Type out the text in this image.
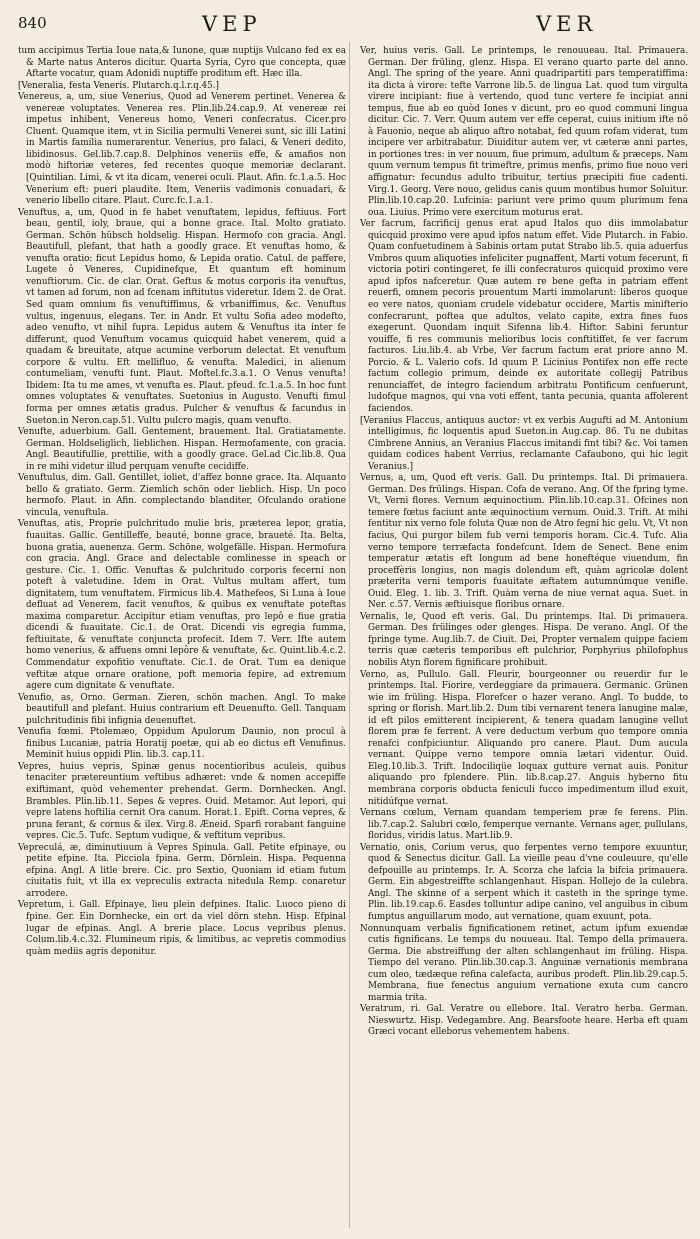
840	VEP	VER

tum accipimus Tertia Ioue nata,& Iunone, quæ nuptijs Vulcano fed ex ea & Marte natus Anteros dicitur. Quarta Syria, Cyro que concepta, quæ Aftarte vocatur, quam Adonidi nuptiffe proditum eft. Hæc illa.

[Veneralia, festa Veneris. Plutarch.q.l.r.q.45.]

Venereus, a, um, siue Venerius, Quod ad Venerem pertinet. Venerea & venereæ voluptates. Venerea res. Plin.lib.24.cap.9. At venereæ rei impetus inhibent, Venereus homo, Veneri confecratus. Cicer.pro Cluent. Quamque item, vt in Sicilia permulti Venerei sunt, sic illi Latini in Martis familia numerarentur. Venerius, pro falaci, & Veneri dedito, libidinosus. Gel.lib.7.cap.8. Delphinos veneriis effe, & amafios non modò hiftoriæ veteres, fed recentes quoque memoriæ declarant. [Quintilian. Limi, & vt ita dicam, venerei oculi. Plaut. Afin. fc.1.a.5. Hoc Venerium eft: pueri plaudite. Item, Veneriis vadimonis conuadari, & venerio libello citare. Plaut. Curc.fc.1.a.1.

Venuftus, a, um, Quod in fe habet venuftatem, lepidus, feftiuus. Fort beau, gentil, ioly, braue, qui a bonne grace. Ital. Molto gratiato. German. Schön hübsch holdselig. Hispan. Hermofo con gracia. Angl. Beautifull, plefant, that hath a goodly grace. Et venuftas homo, & venufta oratio: ficut Lepidus homo, & Lepida oratio. Catul. de paffere, Lugete ô Veneres, Cupidinefque, Et quantum eft hominum venuftiorum. Cic. de clar. Orat. Geftus & motus corporis ita venuftus, vt tamen ad forum, non ad fcenam inftitutus videretur. Idem 2. de Orat. Sed quam omnium fis venuftiffimus, & vrbaniffimus, &c. Venuftus vultus, ingenuus, elegans. Ter. in Andr. Et vultu Sofia adeo modefto, adeo venufto, vt nihil fupra. Lepidus autem & Venuftus ita inter fe differunt, quod Venuftum vocamus quicquid habet venerem, quid a quadam & breuitate, atque acumine verborum delectat. Et venuftum corpore & vultu. Eft mellifluo, & venufta. Maledici, in alienum contumeliam, venufti funt. Plaut. Moftel.fc.3.a.1. O Venus venufta! Ibidem: Ita tu me ames, vt venufta es. Plaut. pfeud. fc.1.a.5. In hoc funt omnes voluptates & venuftates. Suetonius in Augusto. Venufti fimul forma per omnes ætatis gradus. Pulcher & venuftus & facundus in Sueton.in Neron.cap.51. Vultu pulcro magis, quam venufto.

Venufte, aduerbium. Gall. Gentement, brauement. Ital. Gratiatamente. German. Holdseliglich, lieblichen. Hispan. Hermofamente, con gracia. Angl. Beautifullie, prettilie, with a goodly grace. Gel.ad Cic.lib.8. Qua in re mihi videtur illud perquam venufte cecidiffe.

Venuftulus, dim. Gall. Gentillet, ioliet, d'affez bonne grace. Ita. Alquanto bello & gratiato. Germ. Ziemlich schön oder lieblich. Hisp. Un poco hermofo. Plaut. in Afin. complectando blanditer, Ofculando oratione vincula, venuftula.

Venuftas, atis, Proprie pulchritudo mulie bris, præterea lepor, gratia, fuauitas. Gallic. Gentilleffe, beauté, bonne grace, braueté. Ita. Belta, buona gratia, auenenza. Germ. Schöne, wolgefälle. Hispan. Hermofura con gracia. Angl. Grace and delectable comlinesse in speach or gesture. Cic. 1. Offic. Venuftas & pulchritudo corporis fecerni non poteft à valetudine. Idem in Orat. Vultus multam affert, tum dignitatem, tum venuftatem. Firmicus lib.4. Mathefeos, Si Luna à Ioue defluat ad Venerem, facit venuftos, & quibus ex venuftate poteftas maxima comparetur. Accipitur etiam venuftas, pro lepô e fiue gratia dicendi & fuauitate. Cic.1. de Orat. Dicendi vis egregia fumma, feftiuitate, & venuftate conjuncta profecit. Idem 7. Verr. Ifte autem homo venerius, & affuens omni lepôre & venuftate, &c. Quint.lib.4.c.2. Commendatur expofitio venuftate. Cic.1. de Orat. Tum ea denique veftitæ atque ornare oratione, poft memoria fepire, ad extremum agere cum dignitate & venuftate.

Venufio, as, Orno. German. Zieren, schön machen. Angl. To make beautifull and plefant. Huius contrarium eft Deuenufto. Gell. Tanquam pulchritudinis fibi infignia deuenuftet.

Venufia fœmi. Ptolemæo, Oppidum Apulorum Daunio, non procul à finibus Lucaniæ, patria Horatij poetæ, qui ab eo dictus eft Venufinus. Meminit huius oppidi Plin. lib.3. cap.11.

Vepres, huius vepris, Spinæ genus nocentioribus aculeis, quibus tenaciter prætereuntium veftibus adhæret: vnde & nomen accepiffe exiftimant, quòd vehementer prehendat. Germ. Dornhecken. Angl. Brambles. Plin.lib.11. Sepes & vepres. Ouid. Metamor. Aut lepori, qui vepre latens hoftilia cernit Ora canum. Horat.1. Epift. Corna vepres, & pruna ferant, & cornus & ilex. Virg.8. Æneid. Sparfi rorabant fanguine vepres. Cic.5. Tufc. Septum vudique, & veftitum vepribus.

Vepreculá, æ, diminutiuum à Vepres Spinula. Gall. Petite efpinaye, ou petite efpine. Ita. Picciola fpina. Germ. Dörnlein. Hispa. Pequenna efpina. Angl. A litle brere. Cic. pro Sextio, Quoniam id etiam futum ciuitatis fuit, vt illa ex vepreculis extracta nitedula Remp. conaretur arrodere.

Vepretum, i. Gall. Efpinaye, lieu plein defpines. Italic. Luoco pieno di fpine. Ger. Ein Dornhecke, ein ort da viel dörn stehn. Hisp. Efpinal lugar de efpinas. Angl. A brerie place. Locus vepribus plenus. Colum.lib.4.c.32. Flumineum ripis, & limitibus, ac vepretis commodius quàm mediis agris deponitur.

Ver, huius veris. Gall. Le printemps, le renouueau. Ital. Primauera. German. Der früling, glenz. Hispa. El verano quarto parte del anno. Angl. The spring of the yeare. Anni quadripartiti pars temperatiffima: ita dicta à virore: tefte Varrone lib.5. de lingua Lat. quod tum virgulta virere incipiant: fiue à vertendo, quod tunc vertere fe incipiat anni tempus, fiue ab eo quòd Iones v dicunt, pro eo quod communi lingua dicitur. Cic. 7. Verr. Quum autem ver effe ceperat, cuius initium ifte nô à Fauonio, neque ab aliquo aftro notabat, fed quum rofam viderat, tum incipere ver arbitrabatur. Diuiditur autem ver, vt cæteræ anni partes, in portiones tres: in ver nouum, fiue primum, adultum & præceps. Nam quum vernum tempus fit trimeftre, primus menfis, primo fiue nouo veri affignatur: fecundus adulto tribuitur, tertius præcipiti fiue cadenti. Virg.1. Georg. Vere nouo, gelidus canis quum montibus humor Soluitur. Plin.lib.10.cap.20. Lufcinia: pariunt vere primo quum plurimum fena oua. Liuius. Primo vere exercitum moturus erat.

Ver facrum, facrificij genus erat apud Italos quo diis immolabatur quicquid proximo vere apud ipfos natum effet. Vide Plutarch. in Fabio. Quam confuetudinem à Sabinis ortam putat Strabo lib.5. quia aduerfus Vmbros quum aliquoties infeliciter pugnaffent, Marti votum fecerunt, fi victoria potiri contingeret, fe illi confecraturos quicquid proximo vere apud ipfos nafceretur. Quæ autem re bene gefta in patriam effent reuerfi, omnem pecoris prouentum Marti immolarunt: liberos quoque eo vere natos, quoniam crudele videbatur occidere, Martis minifterio confecrarunt, poftea que adultos, velato capite, extra fines fuos exegerunt. Quondam inquit Sifenna lib.4. Hiftor. Sabini feruntur vouiffe, fi res communis melioribus locis conftitiffet, fe ver facrum facturos. Liu.lib.4. ab Vrbe, Ver facrum factum erat priore anno M. Porcio. & L. Valerio cofs. Id quum P. Licinius Pontifex non effe recte factum collegio primum, deinde ex autoritate collegij Patribus renunciaffet, de integro faciendum arbitratu Pontificum cenfuerunt, ludofque magnos, qui vna voti effent, tanta pecunia, quanta affolerent faciendos.

[Veranius Flaccus, antiquus auctor: vt ex verbis Augufti ad M. Antonium intelligimus, fic loquentis apud Sueton.in Aug.cap. 86. Tu ne dubitas Cimbrene Annius, an Veranius Flaccus imitandi fint tibi? &c. Voi tamen quidam codices habent Verrius, reclamante Cafaubono, qui hic legit Veranius.]

Vernus, a, um, Quod eft veris. Gall. Du printemps. Ital. Di primauera. German. Des frülings. Hispan. Cofa de verano. Ang. Of the fpring tyme. Vt, Verni flores. Vernum æquinoctium. Plin.lib.10.cap.31. Ofcines non temere fœtus faciunt ante æquinoctium vernum. Ouid.3. Trift. At mihi fentitur nix verno fole foluta Quæ non de Atro fegni hic gelu. Vt, Vt non facius, Qui purgor bilem fub verni temporis horam. Cic.4. Tufc. Alia verno tempore terræfacta fondefcunt. Idem de Senect. Bene enim temperatur ætatis eft longum ad bene honeftéque viuendum, fin proceffèris longius, non magis dolendum eft, quàm agricolæ dolent præterita verni temporis fuauitate æftatem autumnúmque venifle. Ouid. Eleg. 1. lib. 3. Trift. Quàm verna de niue vernat aqua. Suet. in Ner. c.57. Vernis æftiuisque floribus ornare.

Vernalis, le, Quod eft veris. Gal. Du printemps. Ital. Di primauera. German. Des frülinges oder glenges. Hispa. De verano. Angl. Of the fpringe tyme. Aug.lib.7. de Ciuit. Dei, Propter vernalem quippe faciem terris quæ cæteris temporibus eft pulchrior, Porphyrius philofophus nobilis Atyn florem fignificare prohibuit.

Verno, as, Pullulo. Gall. Fleurir, bourgeonner ou reuerdir fur le printemps. Ital. Fiorire, verdeggiare da primauera. Germanic. Grünen wie im früling. Hispa. Florefcer o hazer verano. Angl. To budde, to spring or florish. Mart.lib.2. Dum tibi vernarent tenera lanugine malæ, id eft pilos emitterent incipierent, & tenera quadam lanugine vellut florem præ fe ferrent. A vere deductum verbum quo tempore omnia renafci confpiciuntur. Aliquando pro canere. Plaut. Dum aucula vernant. Quippe verno tempore omnia lætari videntur. Ouid. Eleg.10.lib.3. Trift. Indociliqüe loquax gutture vernat auis. Ponitur aliquando pro fplendere. Plin. lib.8.cap.27. Anguis hyberno fitu membrana corporis obducta feniculi fucco impedimentum illud exuit, nitidúfque vernat.

Vernans cœlum, Vernam quandam temperiem præ fe ferens. Plin. lib.7.cap.2. Salubri cœlo, femperque vernante. Vernans ager, pullulans, floridus, viridis latus. Mart.lib.9.

Vernatio, onis, Corium verus, quo ferpentes verno tempore exuuntur, quod & Senectus dicitur. Gall. La vieille peau d'vne couleuure, qu'elle defpouille au printemps. Ir. A. Scorza che lafcia la bifcia primauera. Germ. Ein abgestreiffte schlangenhaut. Hispan. Hollejo de la culebra. Angl. The skinne of a serpent which it casteth in the springe tyme. Plin. lib.19.cap.6. Easdes tolluntur adipe canino, vel anguibus in cibum fumptus anguillarum modo, aut vernatione, quam exuunt, pota.

Nonnunquam verbalis fignificationem retinet, actum ipfum exuendæ cutis fignificans. Le temps du nouueau. Ital. Tempo della primauera. Germa. Die abstreiffung der alten schlangenhaut im früling. Hispa. Tiempo del verano. Plin.lib.30.cap.3. Anguinæ vernationis membrana cum oleo, tædæque refina calefacta, auribus prodeft. Plin.lib.29.cap.5. Membrana, fiue fenectus anguium vernatione exuta cum cancro marmia trita.

Veratrum, ri. Gal. Veratre ou ellebore. Ital. Veratro herba. German. Nieswurtz. Hisp. Vedegambre. Ang. Bearsfoote heare. Herba eft quam Græci vocant elleborus vehementem habens.
